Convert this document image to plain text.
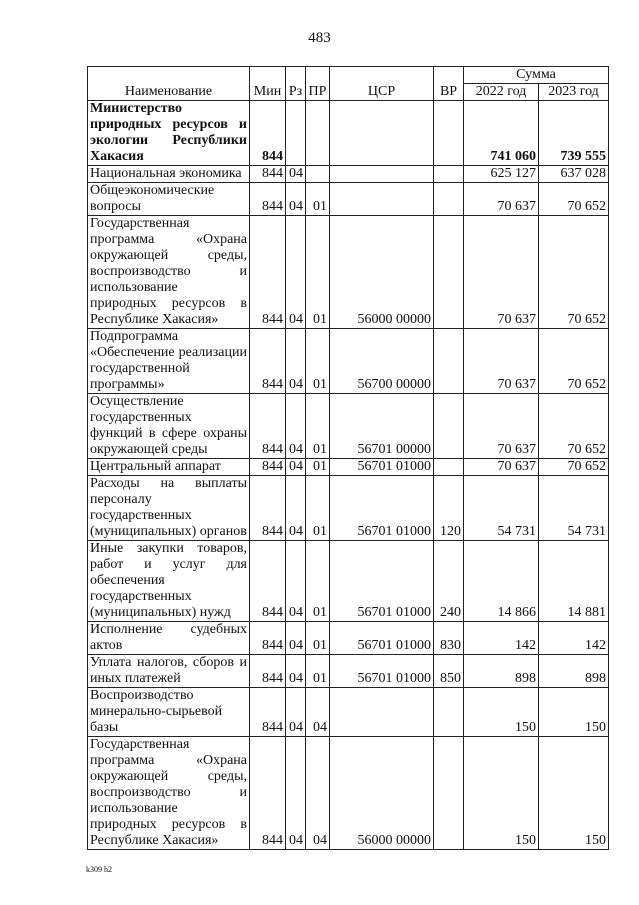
483
Наименование	Мин	Рз	ПР	ЦСР	ВР	Сумма	
						2022 год	2023 год
Министерство природных ресурсов и экологии Республики Хакасия	844					741 060	739 555
Национальная экономика	844	04				625 127	637 028
Общеэкономические вопросы	844	04	01			70 637	70 652
Государственная программа «Охрана окружающей среды, воспроизводство и использование природных ресурсов в Республике Хакасия»	844	04	01	56000 00000		70 637	70 652
Подпрограмма «Обеспечение реализации государственной программы»	844	04	01	56700 00000		70 637	70 652
Осуществление государственных функций в сфере охраны окружающей среды	844	04	01	56701 00000		70 637	70 652
Центральный аппарат	844	04	01	56701 01000		70 637	70 652
Расходы на выплаты персоналу государственных (муниципальных) органов	844	04	01	56701 01000	120	54 731	54 731
Иные закупки товаров, работ и услуг для обеспечения государственных (муниципальных) нужд	844	04	01	56701 01000	240	14 866	14 881
Исполнение судебных актов	844	04	01	56701 01000	830	142	142
Уплата налогов, сборов и иных платежей	844	04	01	56701 01000	850	898	898
Воспроизводство минерально-сырьевой базы	844	04	04			150	150
Государственная программа «Охрана окружающей среды, воспроизводство и использование природных ресурсов в Республике Хакасия»	844	04	04	56000 00000		150	150
k309 h2
